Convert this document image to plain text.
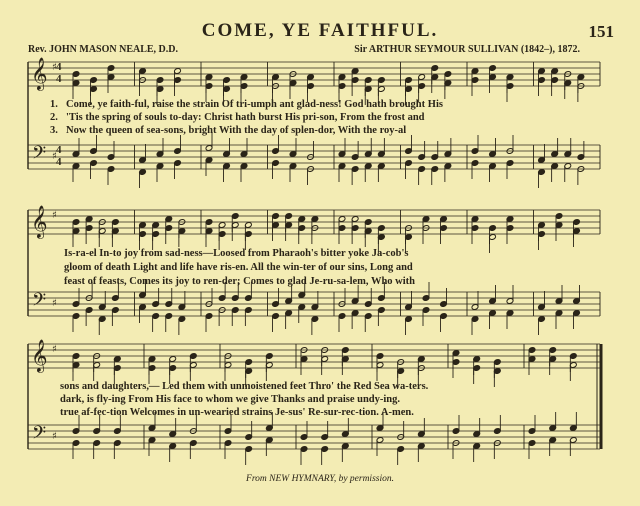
COME, YE FAITHFUL.	151
Rev. JOHN MASON NEALE, D.D.	Sir ARTHUR SEYMOUR SULLIVAN (1842–), 1872.
𝄞
𝄢
♯
♯
𝄞
𝄢
♯
♯
𝄞
𝄢
♯
♯
4
4
4
4
1. Come, ye faith-ful, raise the strain Of tri-umph ant glad-ness! God hath brought His
2. 'Tis the spring of souls to-day: Christ hath burst His pri-son, From the frost and
3. Now the queen of sea-sons, bright With the day of splen-dor, With the roy-al
Is-ra-el In-to joy from sad-ness—Loosed from Pharaoh's bitter yoke Ja-cob's
gloom of death Light and life have ris-en. All the win-ter of our sins, Long and
feast of feasts, Comes its joy to ren-der; Comes to glad Je-ru-sa-lem, Who with
sons and daughters,— Led them with unmoistened feet Thro' the Red Sea wa-ters.
dark, is fly-ing From His face to whom we give Thanks and praise undy-ing.
true af-fec-tion Welcomes in un-wearied strains Je-sus' Re-sur-rec-tion. A-men.
From NEW HYMNARY, by permission.
